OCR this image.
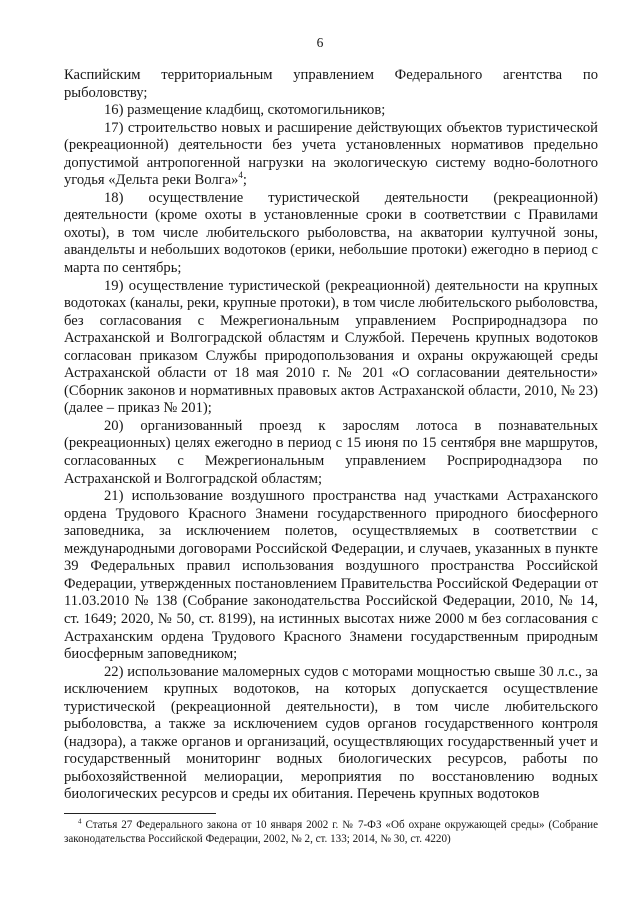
6

Каспийским территориальным управлением Федерального агентства по рыболовству;

16) размещение кладбищ, скотомогильников;

17) строительство новых и расширение действующих объектов туристической (рекреационной) деятельности без учета установленных нормативов предельно допустимой антропогенной нагрузки на экологическую систему водно-болотного угодья «Дельта реки Волга»$^4$;

18) осуществление туристической деятельности (рекреационной) деятельности (кроме охоты в установленные сроки в соответствии с Правилами охоты), в том числе любительского рыболовства, на акватории култучной зоны, авандельты и небольших водотоков (ерики, небольшие протоки) ежегодно в период с марта по сентябрь;

19) осуществление туристической (рекреационной) деятельности на крупных водотоках (каналы, реки, крупные протоки), в том числе любительского рыболовства, без согласования с Межрегиональным управлением Росприроднадзора по Астраханской и Волгоградской областям и Службой. Перечень крупных водотоков согласован приказом Службы природопользования и охраны окружающей среды Астраханской области от 18 мая 2010 г. № 201 «О согласовании деятельности» (Сборник законов и нормативных правовых актов Астраханской области, 2010, № 23) (далее – приказ № 201);

20) организованный проезд к зарослям лотоса в познавательных (рекреационных) целях ежегодно в период с 15 июня по 15 сентября вне маршрутов, согласованных с Межрегиональным управлением Росприроднадзора по Астраханской и Волгоградской областям;

21) использование воздушного пространства над участками Астраханского ордена Трудового Красного Знамени государственного природного биосферного заповедника, за исключением полетов, осуществляемых в соответствии с международными договорами Российской Федерации, и случаев, указанных в пункте 39 Федеральных правил использования воздушного пространства Российской Федерации, утвержденных постановлением Правительства Российской Федерации от 11.03.2010 № 138 (Собрание законодательства Российской Федерации, 2010, № 14, ст. 1649; 2020, № 50, ст. 8199), на истинных высотах ниже 2000 м без согласования с Астраханским ордена Трудового Красного Знамени государственным природным биосферным заповедником;

22) использование маломерных судов с моторами мощностью свыше 30 л.с., за исключением крупных водотоков, на которых допускается осуществление туристической (рекреационной деятельности), в том числе любительского рыболовства, а также за исключением судов органов государственного контроля (надзора), а также органов и организаций, осуществляющих государственный учет и государственный мониторинг водных биологических ресурсов, работы по рыбохозяйственной мелиорации, мероприятия по восстановлению водных биологических ресурсов и среды их обитания. Перечень крупных водотоков

$^4$ Статья 27 Федерального закона от 10 января 2002 г. № 7-ФЗ «Об охране окружающей среды» (Собрание законодательства Российской Федерации, 2002, № 2, ст. 133; 2014, № 30, ст. 4220)
